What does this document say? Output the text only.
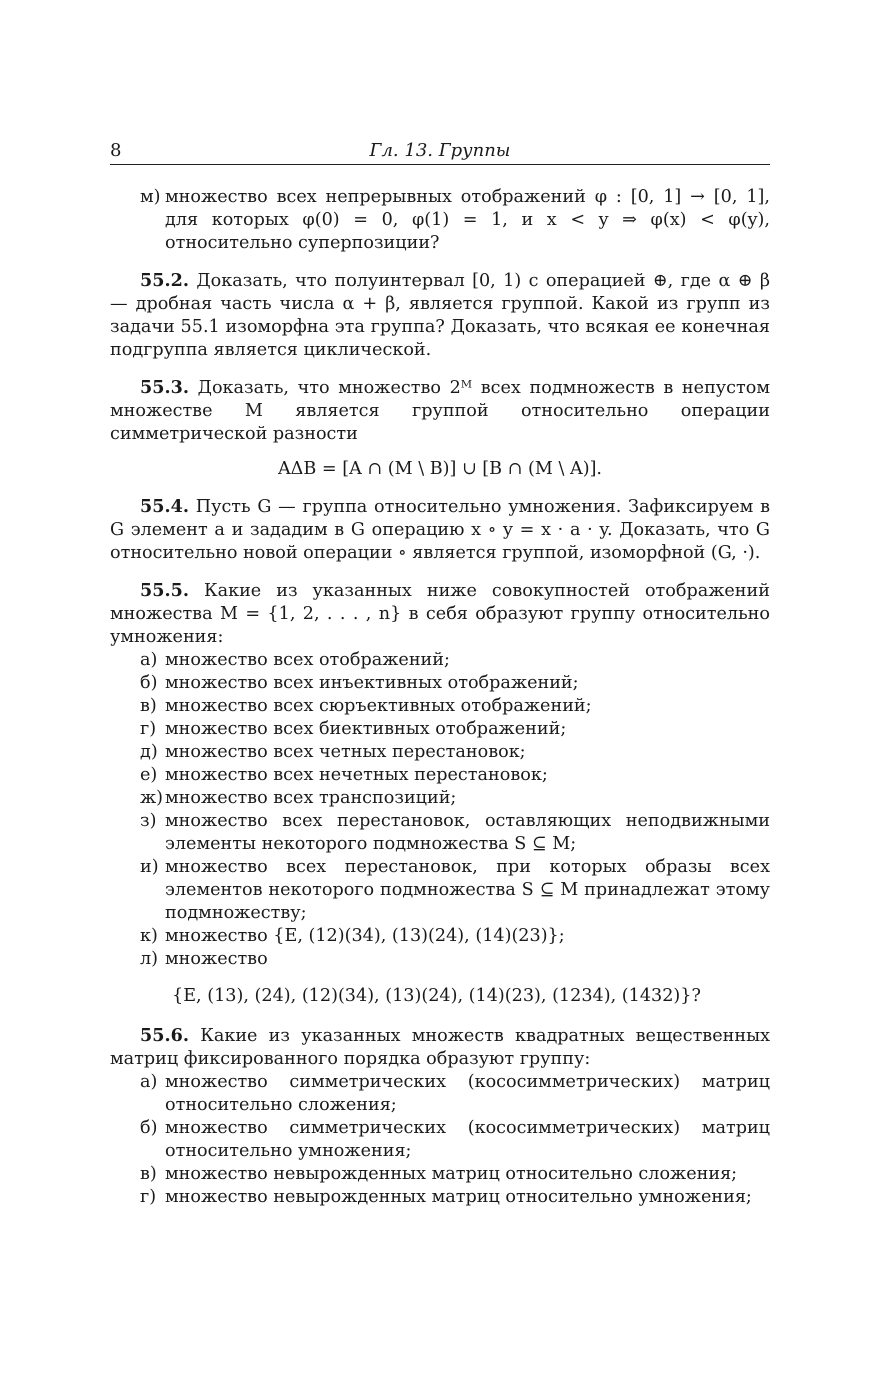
8	Гл. 13. Группы
м) множество всех непрерывных отображений φ : [0, 1] → [0, 1], для которых φ(0) = 0, φ(1) = 1, и x < y ⇒ φ(x) < φ(y), относительно суперпозиции?
55.2. Доказать, что полуинтервал [0, 1) с операцией ⊕, где α ⊕ β — дробная часть числа α + β, является группой. Какой из групп из задачи 55.1 изоморфна эта группа? Доказать, что всякая ее конечная подгруппа является циклической.
55.3. Доказать, что множество 2ᴹ всех подмножеств в непустом множестве M является группой относительно операции симметрической разности
AΔB = [A ∩ (M \ B)] ∪ [B ∩ (M \ A)].
55.4. Пусть G — группа относительно умножения. Зафиксируем в G элемент a и зададим в G операцию x ∘ y = x · a · y. Доказать, что G относительно новой операции ∘ является группой, изоморфной (G, ·).
55.5. Какие из указанных ниже совокупностей отображений множества M = {1, 2, . . . , n} в себя образуют группу относительно умножения:
а) множество всех отображений;
б) множество всех инъективных отображений;
в) множество всех сюръективных отображений;
г) множество всех биективных отображений;
д) множество всех четных перестановок;
е) множество всех нечетных перестановок;
ж) множество всех транспозиций;
з) множество всех перестановок, оставляющих неподвижными элементы некоторого подмножества S ⊆ M;
и) множество всех перестановок, при которых образы всех элементов некоторого подмножества S ⊆ M принадлежат этому подмножеству;
к) множество {E, (12)(34), (13)(24), (14)(23)};
л) множество
{E, (13), (24), (12)(34), (13)(24), (14)(23), (1234), (1432)}?
55.6. Какие из указанных множеств квадратных вещественных матриц фиксированного порядка образуют группу:
а) множество симметрических (кососимметрических) матриц относительно сложения;
б) множество симметрических (кососимметрических) матриц относительно умножения;
в) множество невырожденных матриц относительно сложения;
г) множество невырожденных матриц относительно умножения;
